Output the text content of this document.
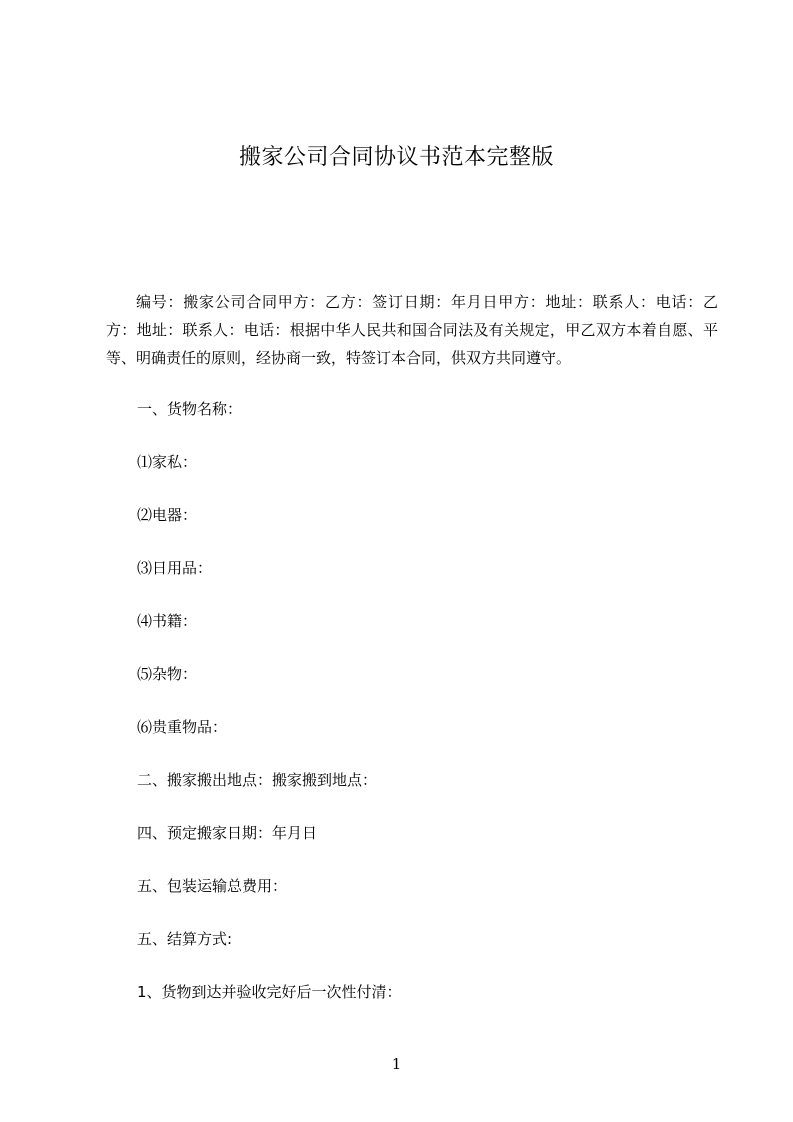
搬家公司合同协议书范本完整版

编号：搬家公司合同甲方：乙方：签订日期：年月日甲方：地址：联系人：电话：乙方：地址：联系人：电话：根据中华人民共和国合同法及有关规定，甲乙双方本着自愿、平等、明确责任的原则，经协商一致，特签订本合同，供双方共同遵守。

一、货物名称：

⑴家私：

⑵电器：

⑶日用品：

⑷书籍：

⑸杂物：

⑹贵重物品：

二、搬家搬出地点：搬家搬到地点：

四、预定搬家日期：年月日

五、包装运输总费用：

五、结算方式:

1、货物到达并验收完好后一次性付清：

1
